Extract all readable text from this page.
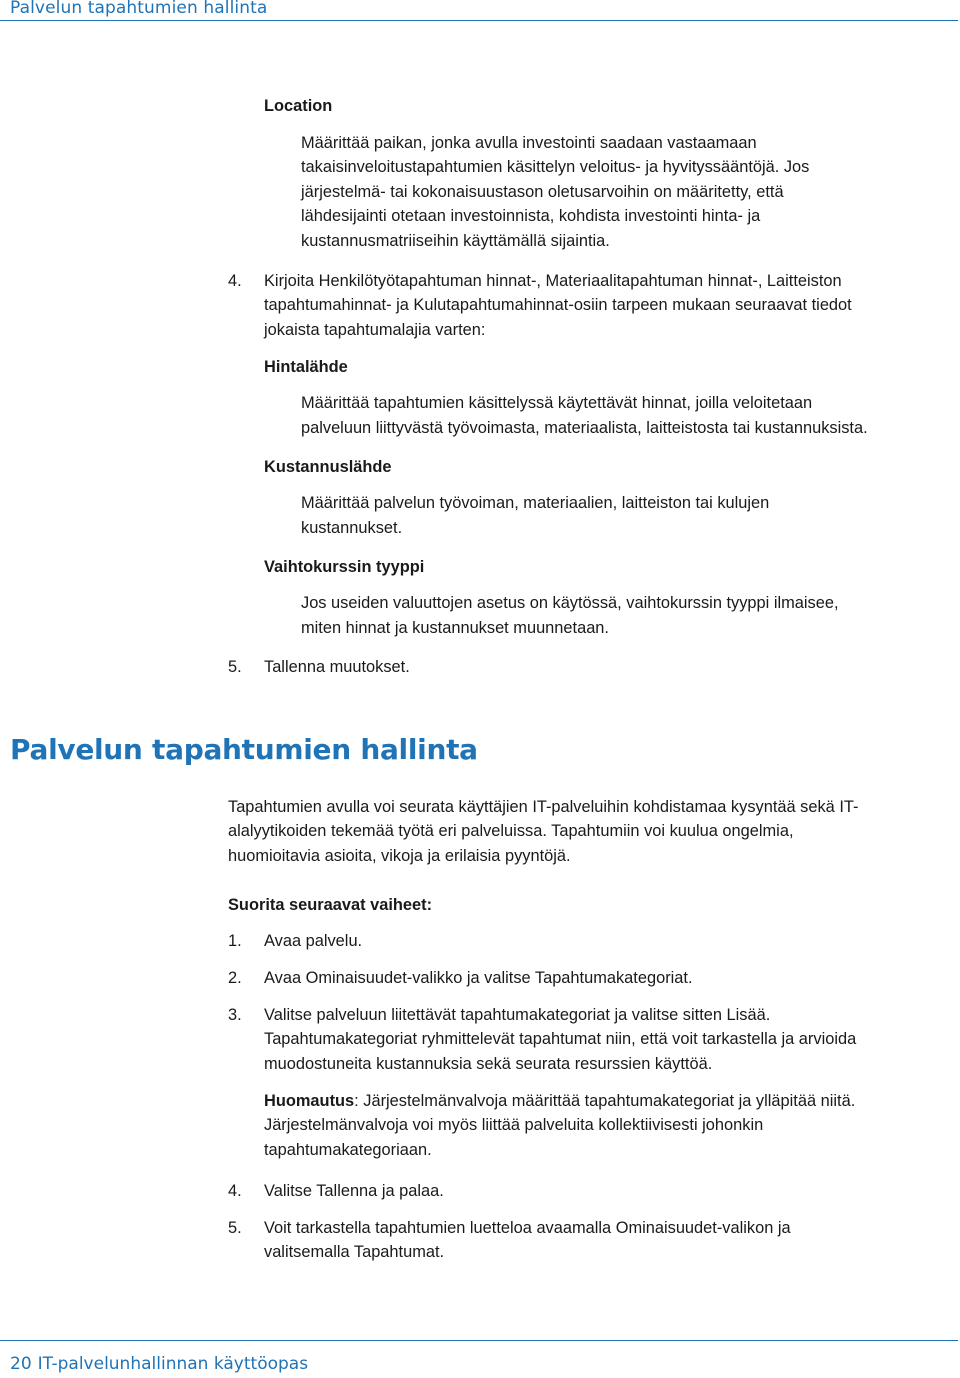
Palvelun tapahtumien hallinta
Location
Määrittää paikan, jonka avulla investointi saadaan vastaamaan
takaisinveloitustapahtumien käsittelyn veloitus- ja hyvityssääntöjä. Jos
järjestelmä- tai kokonaisuustason oletusarvoihin on määritetty, että
lähdesijainti otetaan investoinnista, kohdista investointi hinta- ja
kustannusmatriiseihin käyttämällä sijaintia.
4. Kirjoita Henkilötyötapahtuman hinnat-, Materiaalitapahtuman hinnat-, Laitteiston
tapahtumahinnat- ja Kulutapahtumahinnat-osiin tarpeen mukaan seuraavat tiedot
jokaista tapahtumalajia varten:
Hintalähde
Määrittää tapahtumien käsittelyssä käytettävät hinnat, joilla veloitetaan
palveluun liittyvästä työvoimasta, materiaalista, laitteistosta tai kustannuksista.
Kustannuslähde
Määrittää palvelun työvoiman, materiaalien, laitteiston tai kulujen
kustannukset.
Vaihtokurssin tyyppi
Jos useiden valuuttojen asetus on käytössä, vaihtokurssin tyyppi ilmaisee,
miten hinnat ja kustannukset muunnetaan.
5. Tallenna muutokset.
Palvelun tapahtumien hallinta
Tapahtumien avulla voi seurata käyttäjien IT-palveluihin kohdistamaa kysyntää sekä IT-
alalyytikoiden tekemää työtä eri palveluissa. Tapahtumiin voi kuulua ongelmia,
huomioitavia asioita, vikoja ja erilaisia pyyntöjä.
Suorita seuraavat vaiheet:
1. Avaa palvelu.
2. Avaa Ominaisuudet-valikko ja valitse Tapahtumakategoriat.
3. Valitse palveluun liitettävät tapahtumakategoriat ja valitse sitten Lisää.
Tapahtumakategoriat ryhmittelevät tapahtumat niin, että voit tarkastella ja arvioida
muodostuneita kustannuksia sekä seurata resurssien käyttöä.
Huomautus: Järjestelmänvalvoja määrittää tapahtumakategoriat ja ylläpitää niitä.
Järjestelmänvalvoja voi myös liittää palveluita kollektiivisesti johonkin
tapahtumakategoriaan.
4. Valitse Tallenna ja palaa.
5. Voit tarkastella tapahtumien luetteloa avaamalla Ominaisuudet-valikon ja
valitsemalla Tapahtumat.
20 IT-palvelunhallinnan käyttöopas
